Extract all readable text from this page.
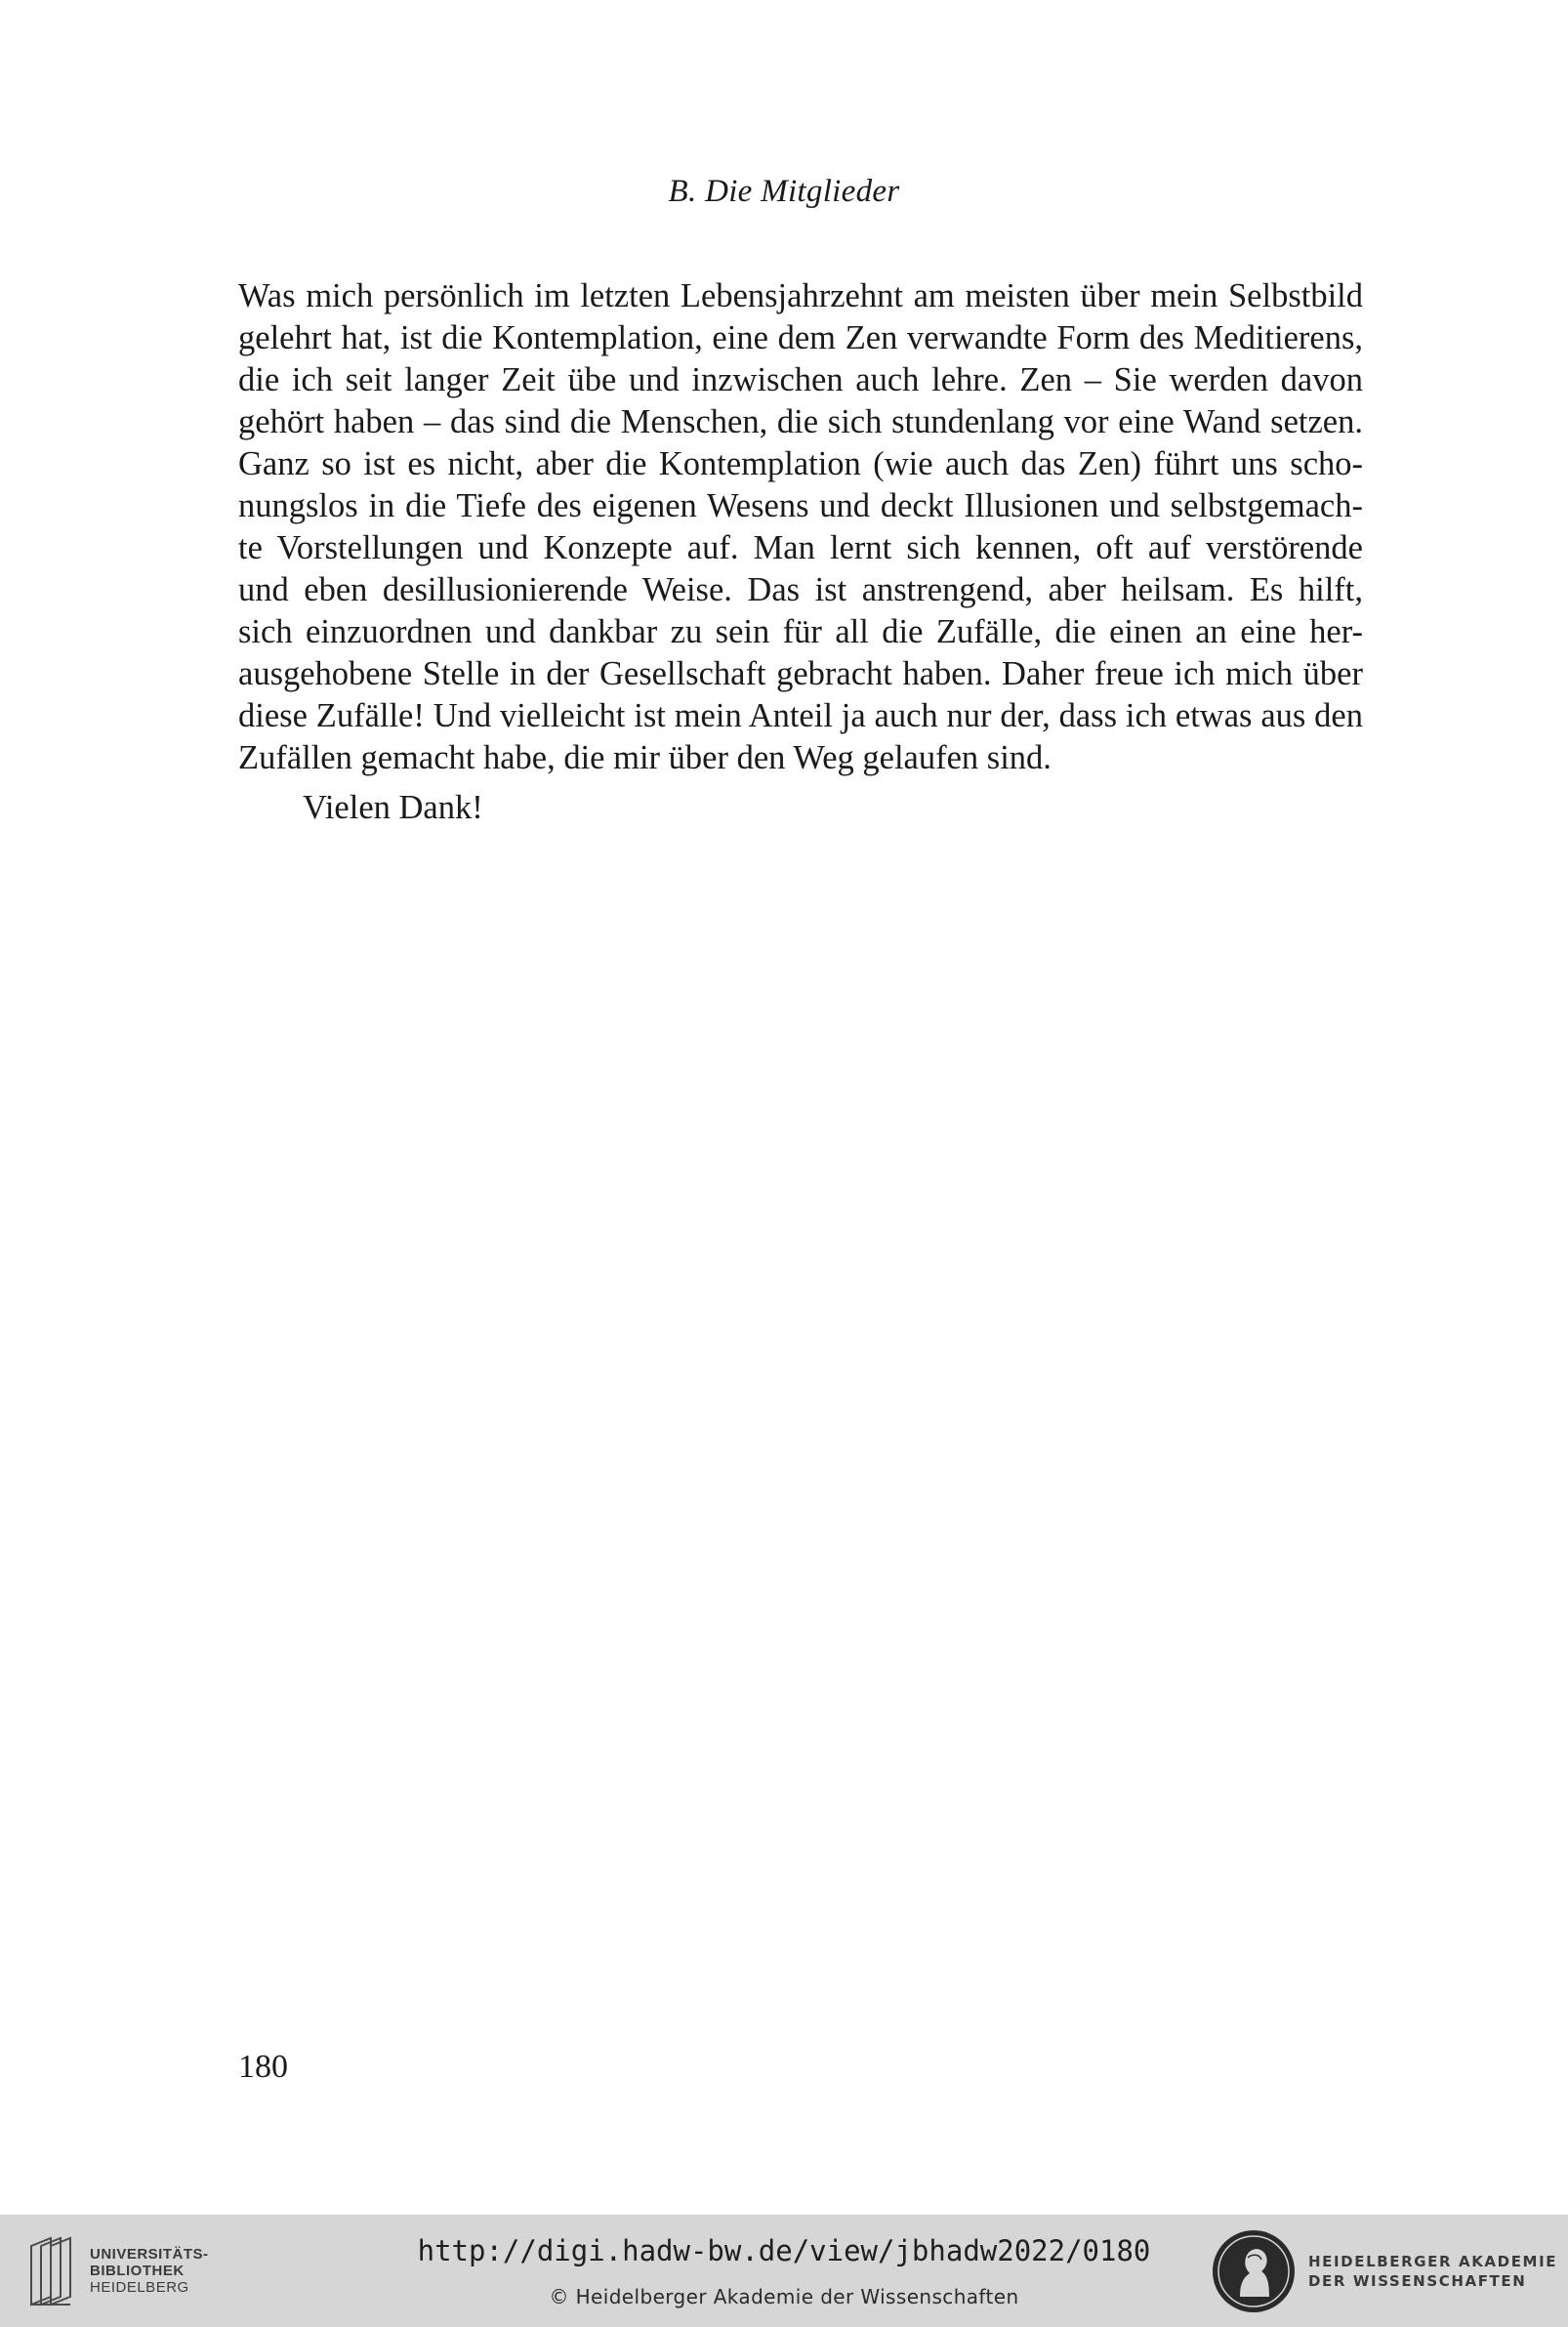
B. Die Mitglieder
Was mich persönlich im letzten Lebensjahrzehnt am meisten über mein Selbstbild
gelehrt hat, ist die Kontemplation, eine dem Zen verwandte Form des Meditierens,
die ich seit langer Zeit übe und inzwischen auch lehre. Zen – Sie werden davon
gehört haben – das sind die Menschen, die sich stundenlang vor eine Wand setzen.
Ganz so ist es nicht, aber die Kontemplation (wie auch das Zen) führt uns scho-
nungslos in die Tiefe des eigenen Wesens und deckt Illusionen und selbstgemach-
te Vorstellungen und Konzepte auf. Man lernt sich kennen, oft auf verstörende
und eben desillusionierende Weise. Das ist anstrengend, aber heilsam. Es hilft,
sich einzuordnen und dankbar zu sein für all die Zufälle, die einen an eine her-
ausgehobene Stelle in der Gesellschaft gebracht haben. Daher freue ich mich über
diese Zufälle! Und vielleicht ist mein Anteil ja auch nur der, dass ich etwas aus den
Zufällen gemacht habe, die mir über den Weg gelaufen sind.
Vielen Dank!
180
UNIVERSITÄTS-
BIBLIOTHEK
HEIDELBERG
http://digi.hadw-bw.de/view/jbhadw2022/0180
© Heidelberger Akademie der Wissenschaften
HEIDELBERGER AKADEMIE
DER WISSENSCHAFTEN
